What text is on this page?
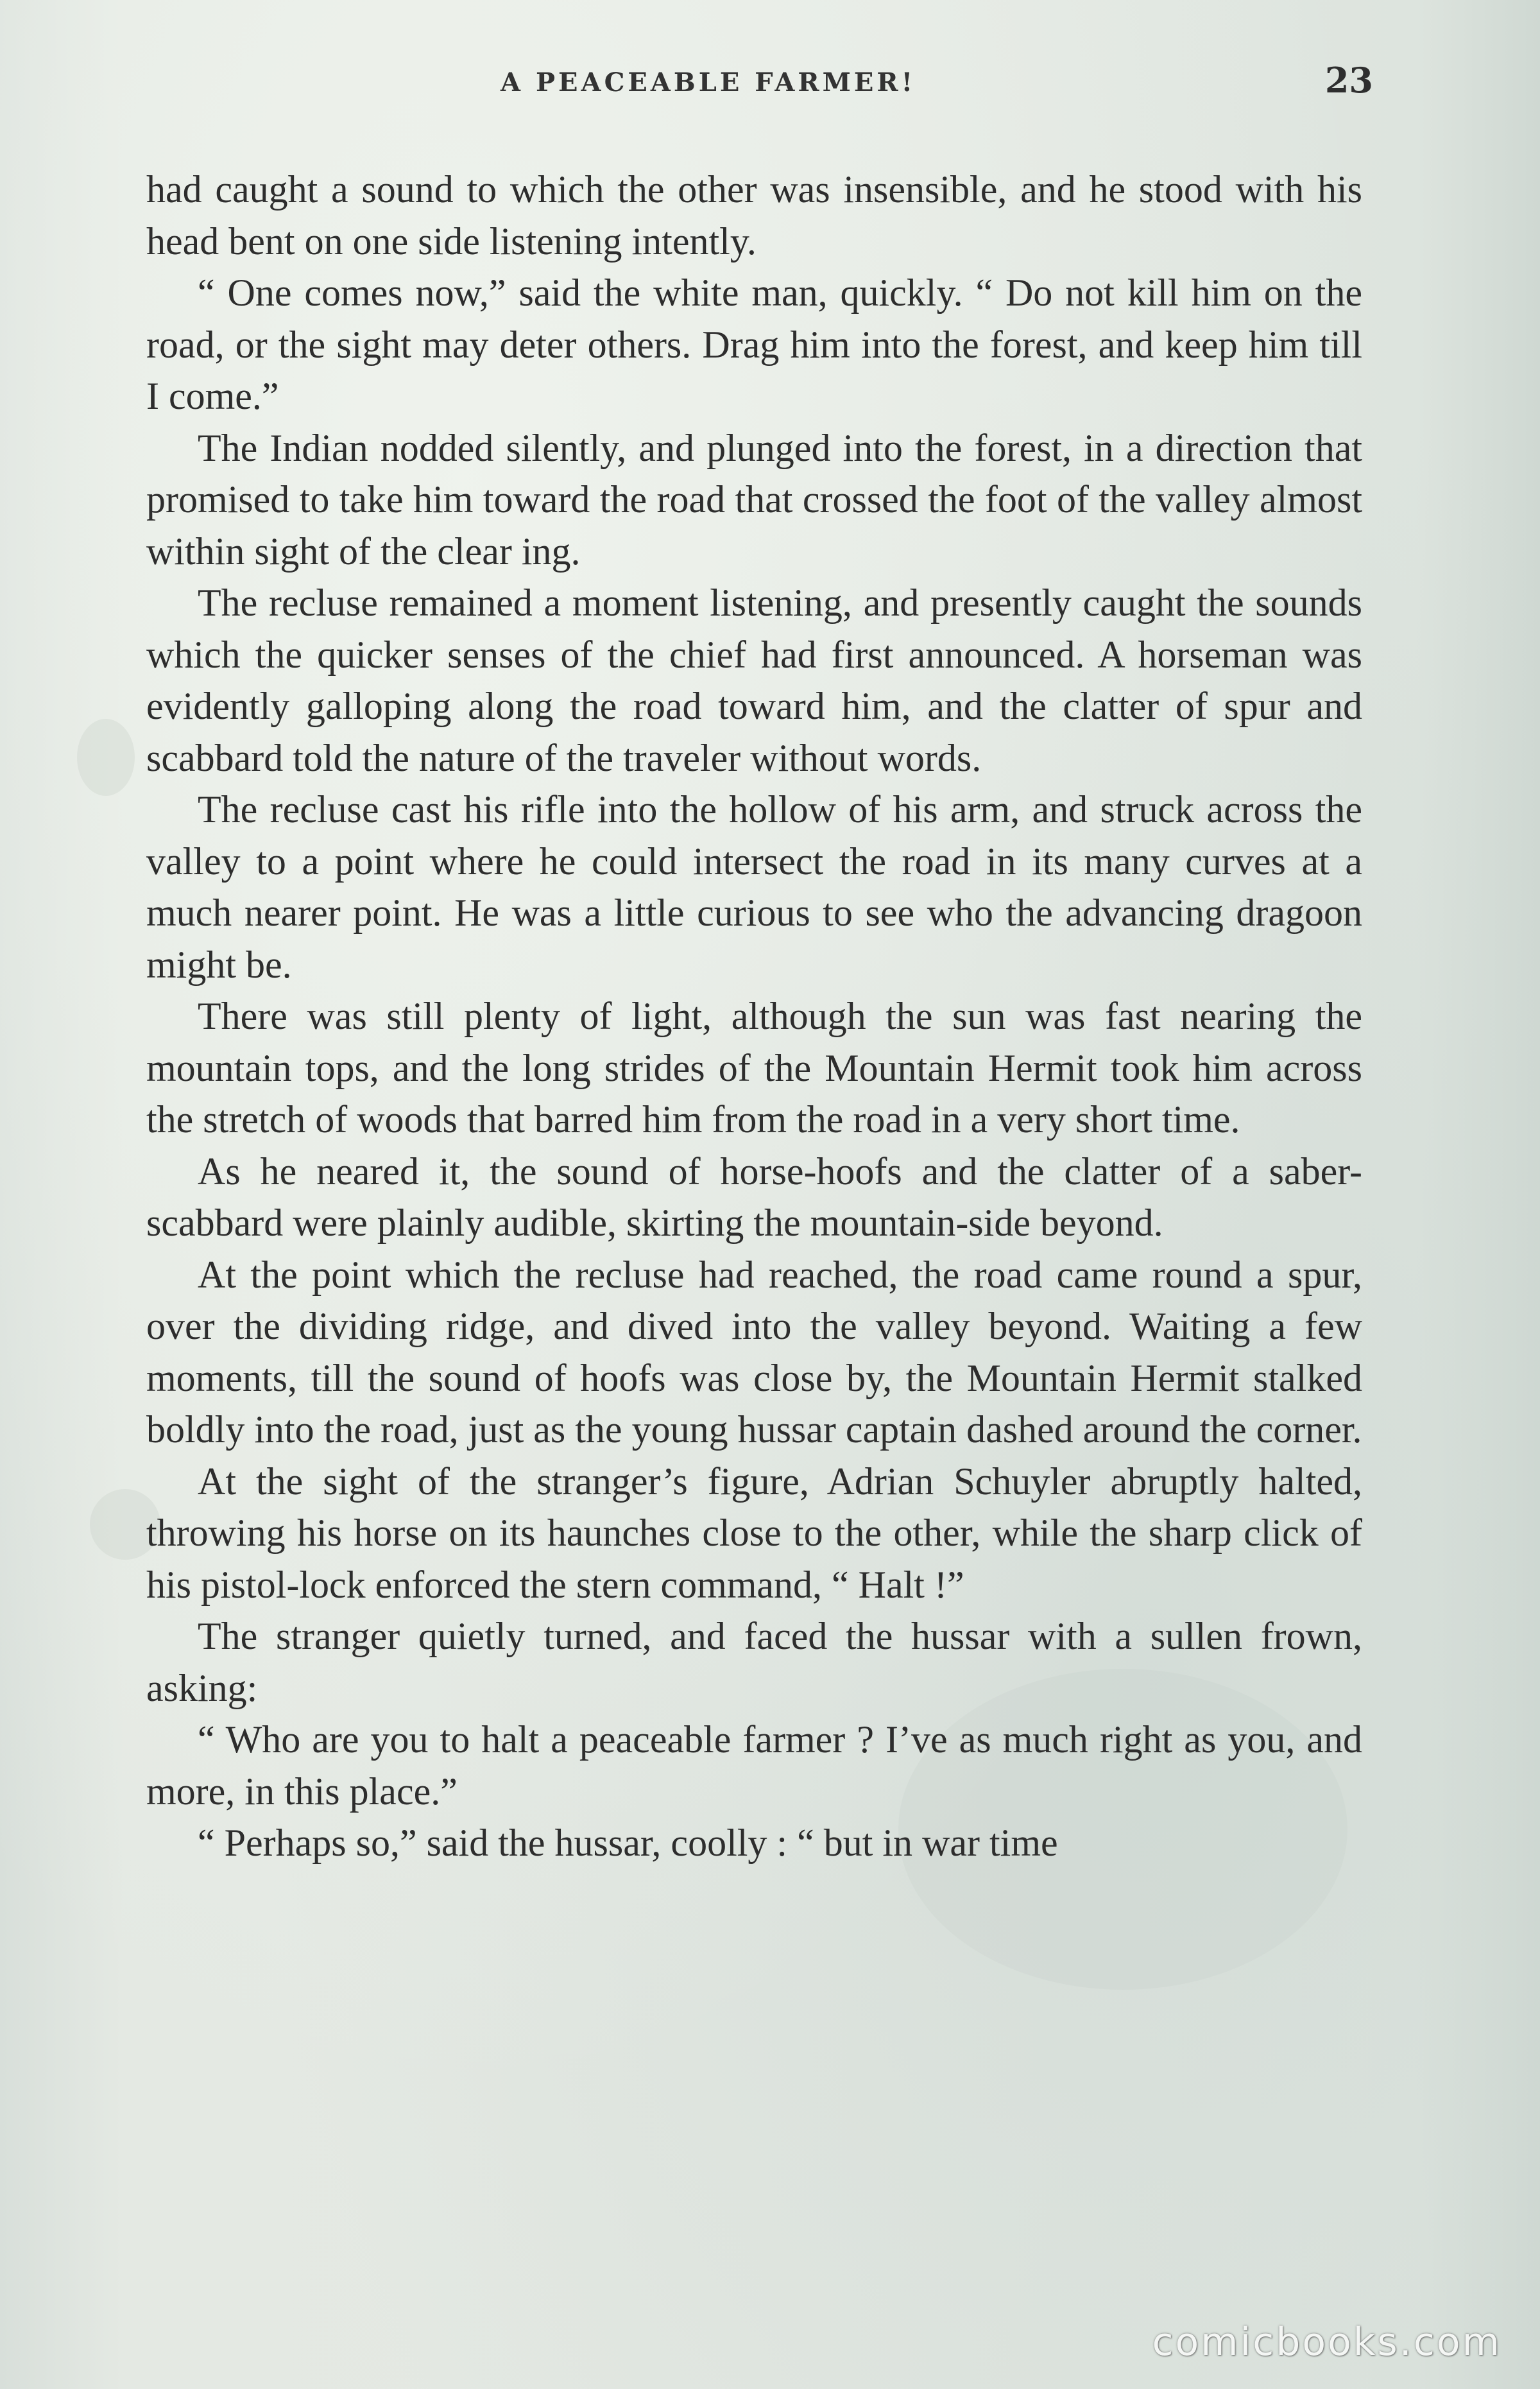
A PEACEABLE FARMER!	23

had caught a sound to which the other was insensible, and he stood with his head bent on one side listening intently.

“ One comes now,” said the white man, quickly. “ Do not kill him on the road, or the sight may deter others. Drag him into the forest, and keep him till I come.”

The Indian nodded silently, and plunged into the forest, in a direction that promised to take him toward the road that crossed the foot of the valley almost within sight of the clear ing.

The recluse remained a moment listening, and presently caught the sounds which the quicker senses of the chief had first announced. A horseman was evidently galloping along the road toward him, and the clatter of spur and scabbard told the nature of the traveler without words.

The recluse cast his rifle into the hollow of his arm, and struck across the valley to a point where he could intersect the road in its many curves at a much nearer point. He was a little curious to see who the advancing dragoon might be.

There was still plenty of light, although the sun was fast nearing the mountain tops, and the long strides of the Mountain Hermit took him across the stretch of woods that barred him from the road in a very short time.

As he neared it, the sound of horse-hoofs and the clatter of a saber-scabbard were plainly audible, skirting the mountain-side beyond.

At the point which the recluse had reached, the road came round a spur, over the dividing ridge, and dived into the valley beyond. Waiting a few moments, till the sound of hoofs was close by, the Mountain Hermit stalked boldly into the road, just as the young hussar captain dashed around the corner.

At the sight of the stranger’s figure, Adrian Schuyler abruptly halted, throwing his horse on its haunches close to the other, while the sharp click of his pistol-lock enforced the stern command, “ Halt !”

The stranger quietly turned, and faced the hussar with a sullen frown, asking:

“ Who are you to halt a peaceable farmer ? I’ve as much right as you, and more, in this place.”

“ Perhaps so,” said the hussar, coolly : “ but in war time

comicbooks.com
